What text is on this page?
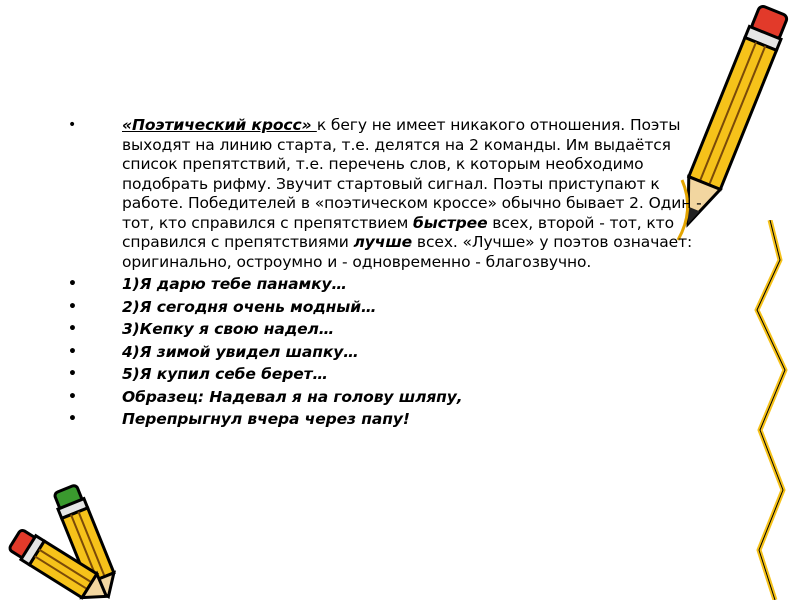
• «Поэтический кросс» к бегу не имеет никакого отношения. Поэты выходят на линию старта, т.е. делятся на 2 команды. Им выдаётся список препятствий, т.е. перечень слов, к которым необходимо подобрать рифму. Звучит стартовый сигнал. Поэты приступают к работе. Победителей в «поэтическом кроссе» обычно бывает 2. Один - тот, кто справился с препятствием быстрее всех, второй - тот, кто справился с препятствиями лучше всех. «Лучше» у поэтов означает: оригинально, остроумно и - одновременно - благозвучно.
• 1)Я дарю тебе панамку…
• 2)Я сегодня очень модный…
• 3)Кепку я свою надел…
• 4)Я зимой увидел шапку…
• 5)Я купил себе берет…
• Образец: Надевал я на голову шляпу,
• Перепрыгнул вчера через папу!
